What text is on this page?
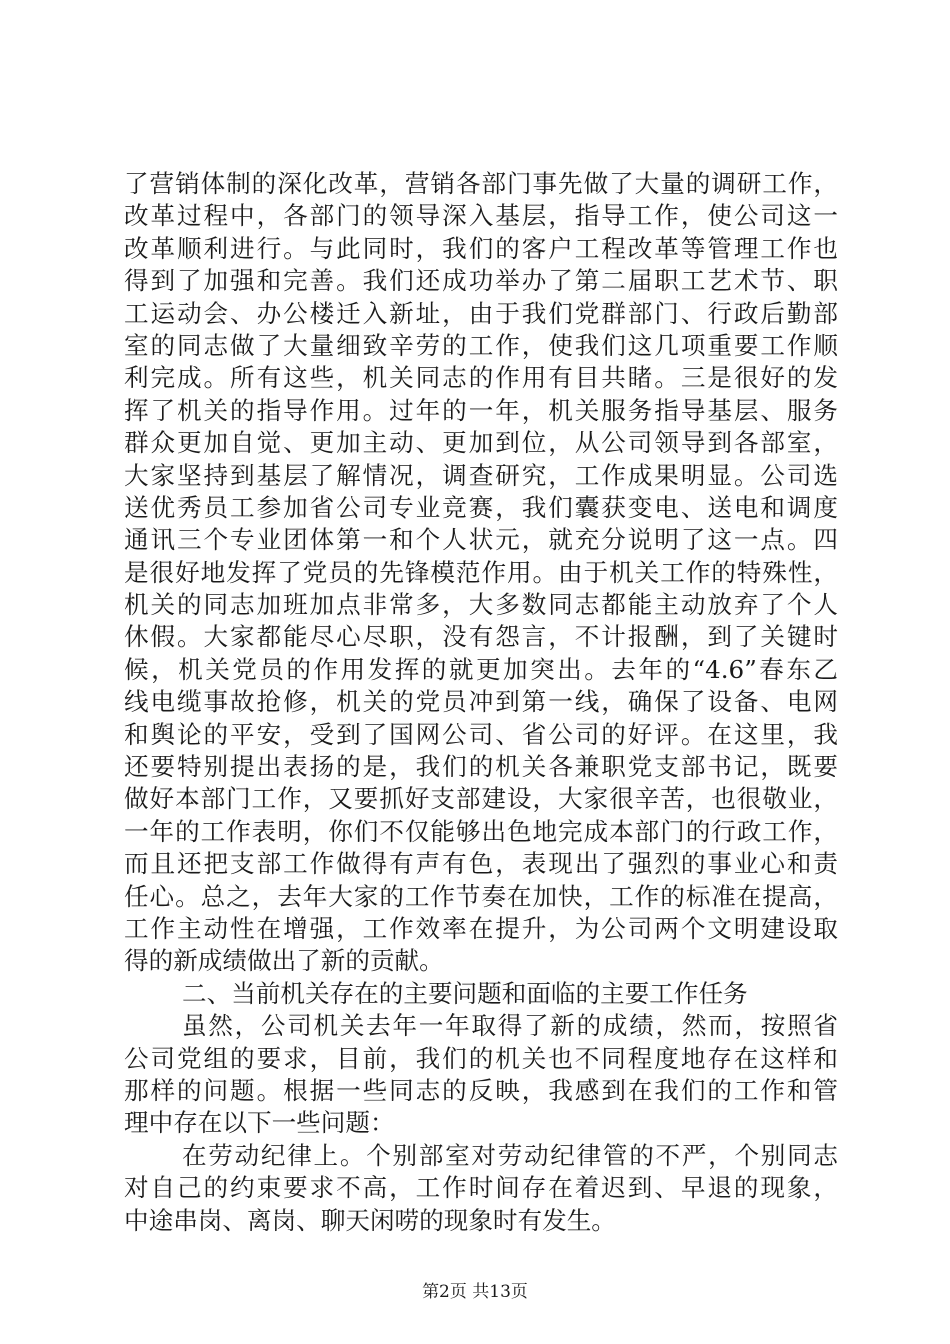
了营销体制的深化改革，营销各部门事先做了大量的调研工作，
改革过程中，各部门的领导深入基层，指导工作，使公司这一
改革顺利进行。与此同时，我们的客户工程改革等管理工作也
得到了加强和完善。我们还成功举办了第二届职工艺术节、职
工运动会、办公楼迁入新址，由于我们党群部门、行政后勤部
室的同志做了大量细致辛劳的工作，使我们这几项重要工作顺
利完成。所有这些，机关同志的作用有目共睹。三是很好的发
挥了机关的指导作用。过年的一年，机关服务指导基层、服务
群众更加自觉、更加主动、更加到位，从公司领导到各部室，
大家坚持到基层了解情况，调查研究，工作成果明显。公司选
送优秀员工参加省公司专业竞赛，我们囊获变电、送电和调度
通讯三个专业团体第一和个人状元，就充分说明了这一点。四
是很好地发挥了党员的先锋模范作用。由于机关工作的特殊性，
机关的同志加班加点非常多，大多数同志都能主动放弃了个人
休假。大家都能尽心尽职，没有怨言，不计报酬，到了关键时
候，机关党员的作用发挥的就更加突出。去年的“4.6”春东乙
线电缆事故抢修，机关的党员冲到第一线，确保了设备、电网
和舆论的平安，受到了国网公司、省公司的好评。在这里，我
还要特别提出表扬的是，我们的机关各兼职党支部书记，既要
做好本部门工作，又要抓好支部建设，大家很辛苦，也很敬业，
一年的工作表明，你们不仅能够出色地完成本部门的行政工作，
而且还把支部工作做得有声有色，表现出了强烈的事业心和责
任心。总之，去年大家的工作节奏在加快，工作的标准在提高，
工作主动性在增强，工作效率在提升，为公司两个文明建设取
得的新成绩做出了新的贡献。
二、当前机关存在的主要问题和面临的主要工作任务
虽然，公司机关去年一年取得了新的成绩，然而，按照省
公司党组的要求，目前，我们的机关也不同程度地存在这样和
那样的问题。根据一些同志的反映，我感到在我们的工作和管
理中存在以下一些问题：
在劳动纪律上。个别部室对劳动纪律管的不严，个别同志
对自己的约束要求不高，工作时间存在着迟到、早退的现象，
中途串岗、离岗、聊天闲唠的现象时有发生。
第2页 共13页
